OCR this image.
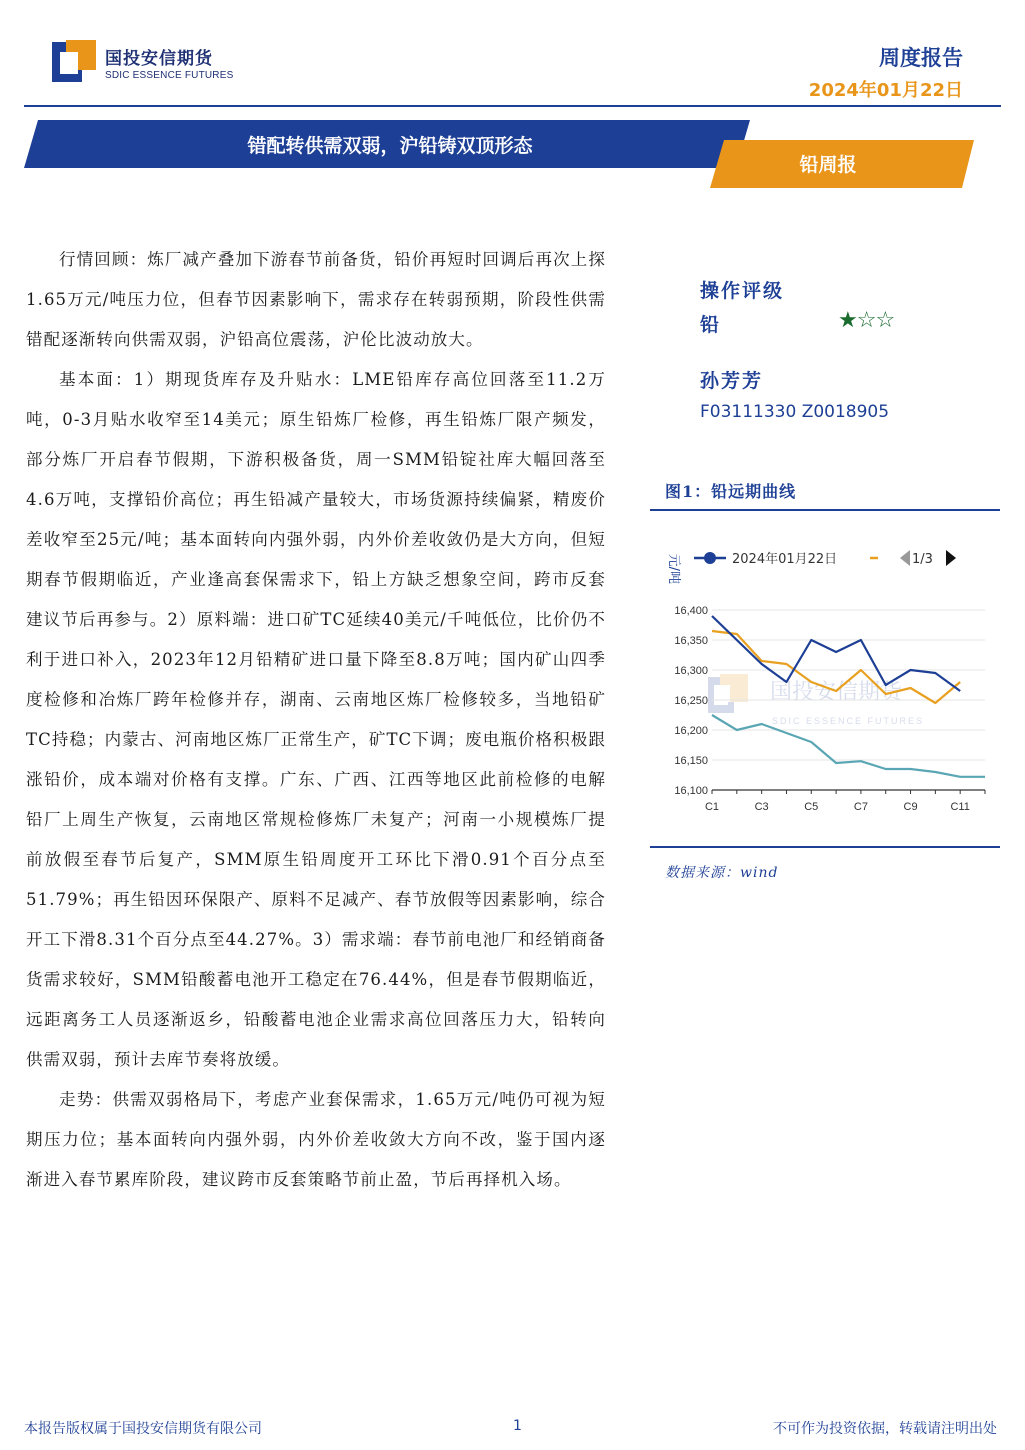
国投安信期货
SDIC ESSENCE FUTURES
周度报告
2024年01月22日
错配转供需双弱，沪铅铸双顶形态
铅周报

行情回顾：炼厂减产叠加下游春节前备货，铅价再短时回调后再次上探1.65万元/吨压力位，但春节因素影响下，需求存在转弱预期，阶段性供需错配逐渐转向供需双弱，沪铅高位震荡，沪伦比波动放大。

基本面：1）期现货库存及升贴水：LME铅库存高位回落至11.2万吨，0-3月贴水收窄至14美元；原生铅炼厂检修，再生铅炼厂限产频发，部分炼厂开启春节假期，下游积极备货，周一SMM铅锭社库大幅回落至4.6万吨，支撑铅价高位；再生铅减产量较大，市场货源持续偏紧，精废价差收窄至25元/吨；基本面转向内强外弱，内外价差收敛仍是大方向，但短期春节假期临近，产业逢高套保需求下，铅上方缺乏想象空间，跨市反套建议节后再参与。2）原料端：进口矿TC延续40美元/千吨低位，比价仍不利于进口补入，2023年12月铅精矿进口量下降至8.8万吨；国内矿山四季度检修和冶炼厂跨年检修并存，湖南、云南地区炼厂检修较多，当地铅矿TC持稳；内蒙古、河南地区炼厂正常生产，矿TC下调；废电瓶价格积极跟涨铅价，成本端对价格有支撑。广东、广西、江西等地区此前检修的电解铅厂上周生产恢复，云南地区常规检修炼厂未复产；河南一小规模炼厂提前放假至春节后复产，SMM原生铅周度开工环比下滑0.91个百分点至51.79%；再生铅因环保限产、原料不足减产、春节放假等因素影响，综合开工下滑8.31个百分点至44.27%。3）需求端：春节前电池厂和经销商备货需求较好，SMM铅酸蓄电池开工稳定在76.44%，但是春节假期临近，远距离务工人员逐渐返乡，铅酸蓄电池企业需求高位回落压力大，铅转向供需双弱，预计去库节奏将放缓。

走势：供需双弱格局下，考虑产业套保需求，1.65万元/吨仍可视为短期压力位；基本面转向内强外弱，内外价差收敛大方向不改，鉴于国内逐渐进入春节累库阶段，建议跨市反套策略节前止盈，节后再择机入场。

操作评级
铅	★☆☆
孙芳芳
F03111330 Z0018905
图1：铅远期曲线
国投安信期货
SDIC ESSENCE FUTURES
2024年01月22日	1/3
元/吨
16,400
16,350
16,300
16,250
16,200
16,150
16,100
C1	C3	C5	C7	C9	C11
数据来源：wind
本报告版权属于国投安信期货有限公司	1	不可作为投资依据，转载请注明出处
